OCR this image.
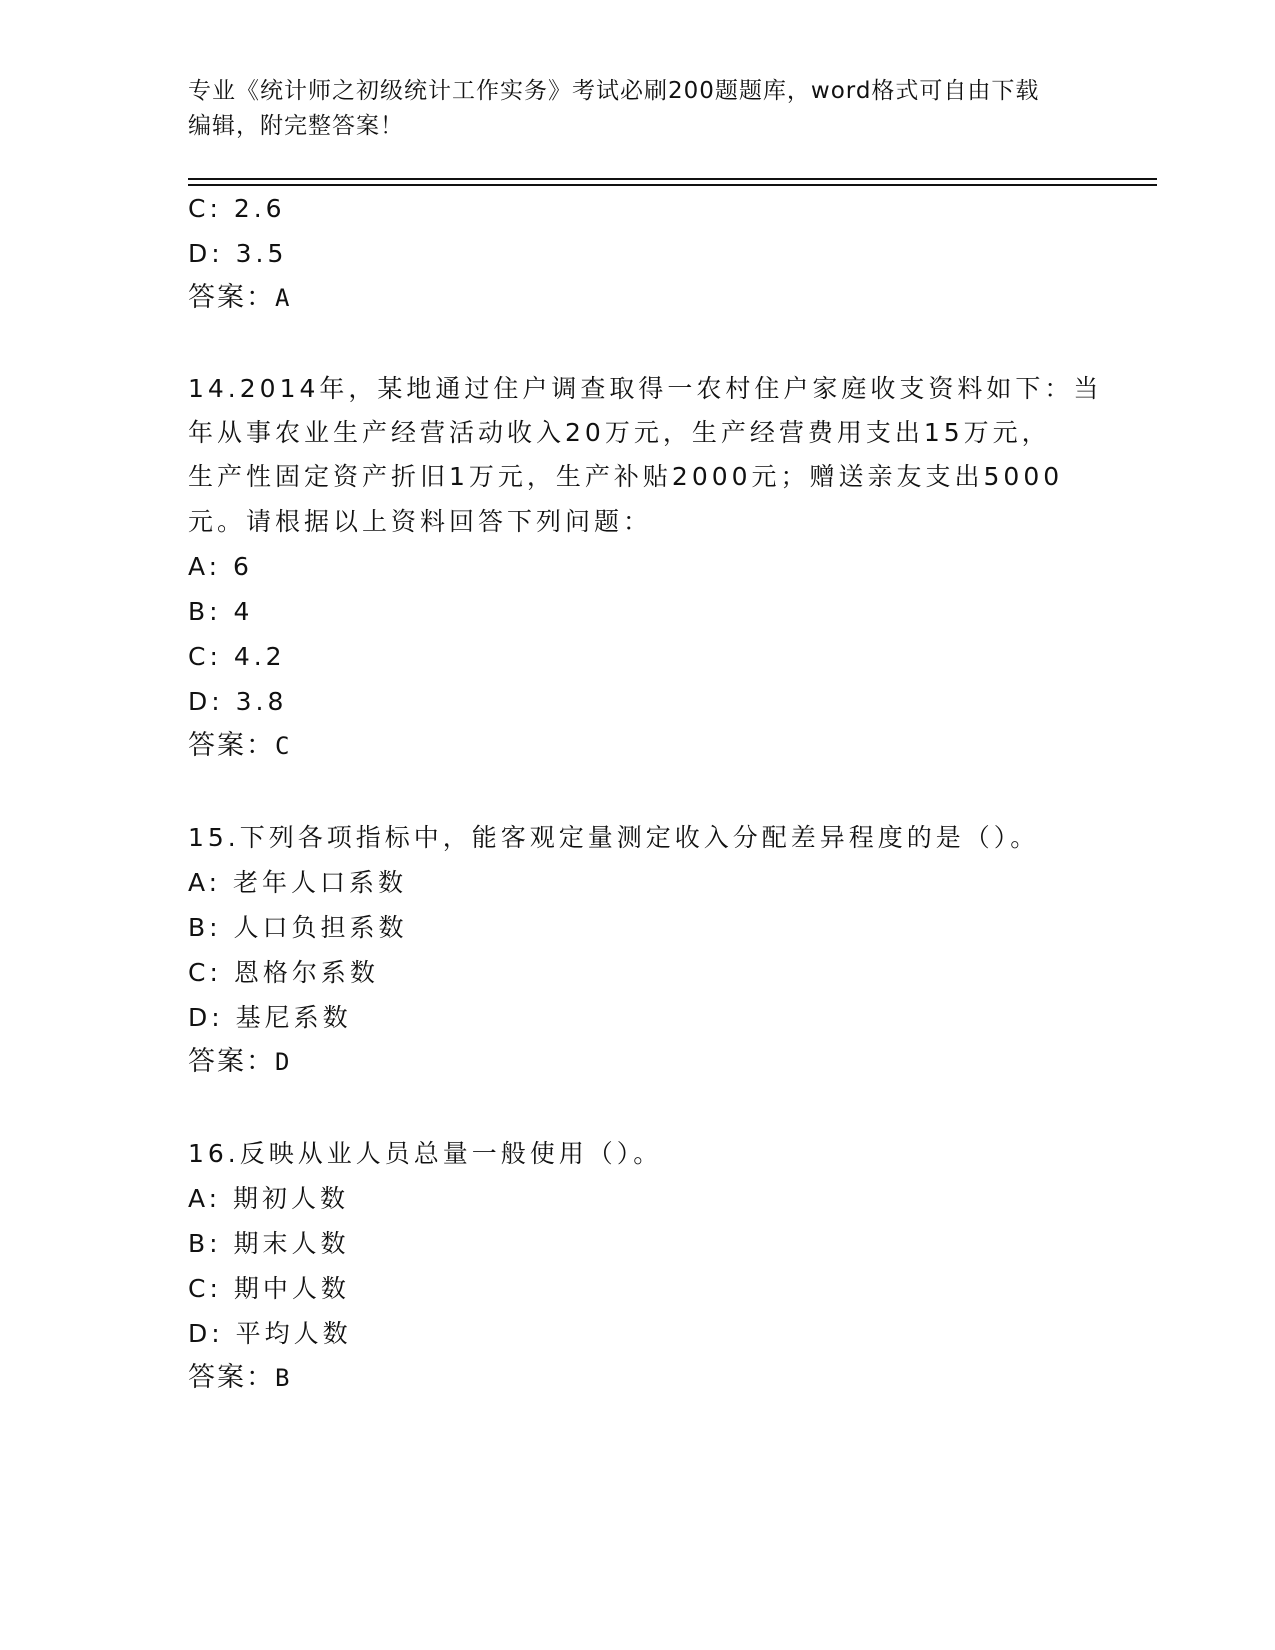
专业《统计师之初级统计工作实务》考试必刷200题题库，word格式可自由下载
编辑，附完整答案！
C: 2.6
D: 3.5
答案：A
14.2014年，某地通过住户调查取得一农村住户家庭收支资料如下：当
年从事农业生产经营活动收入20万元，生产经营费用支出15万元，
生产性固定资产折旧1万元，生产补贴2000元；赠送亲友支出5000
元。请根据以上资料回答下列问题：
A: 6
B: 4
C: 4.2
D: 3.8
答案：C
15.下列各项指标中，能客观定量测定收入分配差异程度的是（）。
A: 老年人口系数
B: 人口负担系数
C: 恩格尔系数
D: 基尼系数
答案：D
16.反映从业人员总量一般使用（）。
A: 期初人数
B: 期末人数
C: 期中人数
D: 平均人数
答案：B
